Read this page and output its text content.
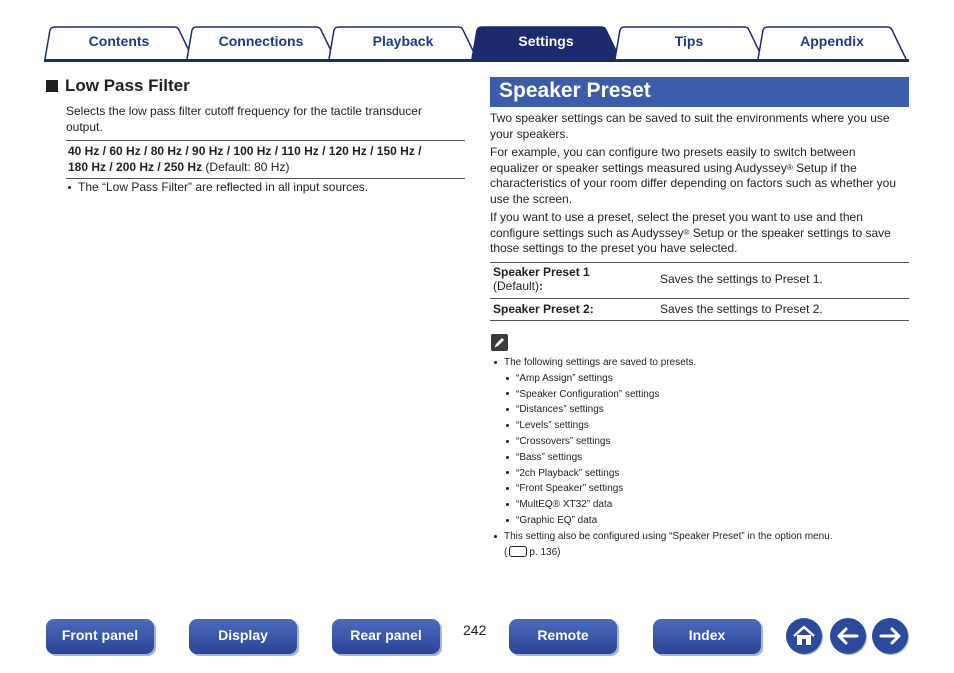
Contents	Connections	Playback	Settings	Tips	Appendix
Low Pass Filter
Selects the low pass filter cutoff frequency for the tactile transducer output.
40 Hz / 60 Hz / 80 Hz / 90 Hz / 100 Hz / 110 Hz / 120 Hz / 150 Hz /
180 Hz / 200 Hz / 250 Hz (Default: 80 Hz)
The “Low Pass Filter” are reflected in all input sources.
Speaker Preset

Two speaker settings can be saved to suit the environments where you use your speakers.

For example, you can configure two presets easily to switch between equalizer or speaker settings measured using Audyssey® Setup if the characteristics of your room differ depending on factors such as whether you use the screen.

If you want to use a preset, select the preset you want to use and then configure settings such as Audyssey® Setup or the speaker settings to save those settings to the preset you have selected.

Speaker Preset 1
(Default):	Saves the settings to Preset 1.
Speaker Preset 2:	Saves the settings to Preset 2.
The following settings are saved to presets.
“Amp Assign” settings
“Speaker Configuration” settings
“Distances” settings
“Levels” settings
“Crossovers” settings
“Bass” settings
“2ch Playback” settings
“Front Speaker” settings
“MultEQ® XT32” data
“Graphic EQ” data
This setting also be configured using “Speaker Preset” in the option menu.
( p. 136)
Front panel	Display	Rear panel	242	Remote	Index
